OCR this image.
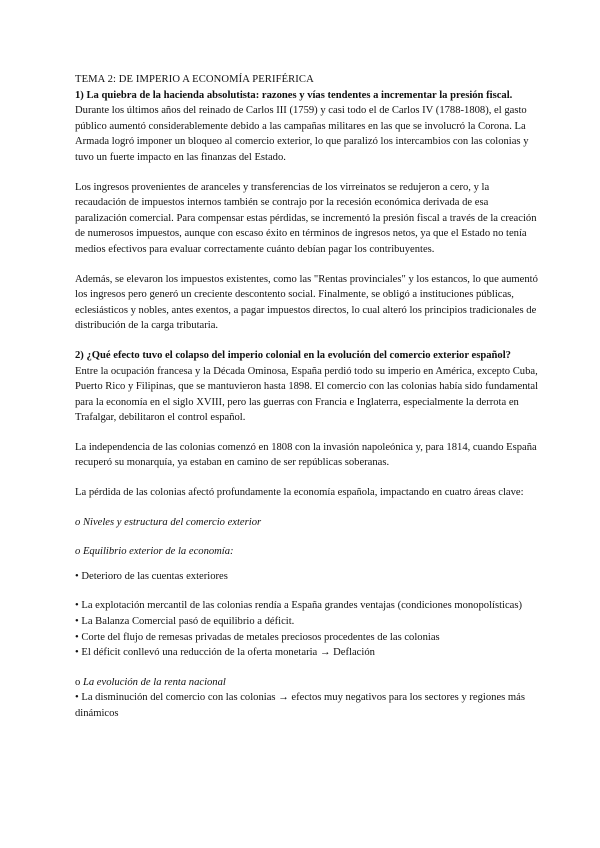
TEMA 2: DE IMPERIO A ECONOMÍA PERIFÉRICA

1) La quiebra de la hacienda absolutista: razones y vías tendentes a incrementar la presión fiscal.

Durante los últimos años del reinado de Carlos III (1759) y casi todo el de Carlos IV (1788-1808), el gasto público aumentó considerablemente debido a las campañas militares en las que se involucró la Corona. La Armada logró imponer un bloqueo al comercio exterior, lo que paralizó los intercambios con las colonias y tuvo un fuerte impacto en las finanzas del Estado.

Los ingresos provenientes de aranceles y transferencias de los virreinatos se redujeron a cero, y la recaudación de impuestos internos también se contrajo por la recesión económica derivada de esa paralización comercial. Para compensar estas pérdidas, se incrementó la presión fiscal a través de la creación de numerosos impuestos, aunque con escaso éxito en términos de ingresos netos, ya que el Estado no tenía medios efectivos para evaluar correctamente cuánto debían pagar los contribuyentes.

Además, se elevaron los impuestos existentes, como las "Rentas provinciales" y los estancos, lo que aumentó los ingresos pero generó un creciente descontento social. Finalmente, se obligó a instituciones públicas, eclesiásticos y nobles, antes exentos, a pagar impuestos directos, lo cual alteró los principios tradicionales de distribución de la carga tributaria.

2) ¿Qué efecto tuvo el colapso del imperio colonial en la evolución del comercio exterior español?

Entre la ocupación francesa y la Década Ominosa, España perdió todo su imperio en América, excepto Cuba, Puerto Rico y Filipinas, que se mantuvieron hasta 1898. El comercio con las colonias había sido fundamental para la economía en el siglo XVIII, pero las guerras con Francia e Inglaterra, especialmente la derrota en Trafalgar, debilitaron el control español.

La independencia de las colonias comenzó en 1808 con la invasión napoleónica y, para 1814, cuando España recuperó su monarquía, ya estaban en camino de ser repúblicas soberanas.

La pérdida de las colonias afectó profundamente la economía española, impactando en cuatro áreas clave:

o Niveles y estructura del comercio exterior

o Equilibrio exterior de la economía:

• Deterioro de las cuentas exteriores

• La explotación mercantil de las colonias rendía a España grandes ventajas (condiciones monopolísticas)

• La Balanza Comercial pasó de equilibrio a déficit.

• Corte del flujo de remesas privadas de metales preciosos procedentes de las colonias

• El déficit conllevó una reducción de la oferta monetaria → Deflación

o La evolución de la renta nacional

• La disminución del comercio con las colonias → efectos muy negativos para los sectores y regiones más dinámicos
